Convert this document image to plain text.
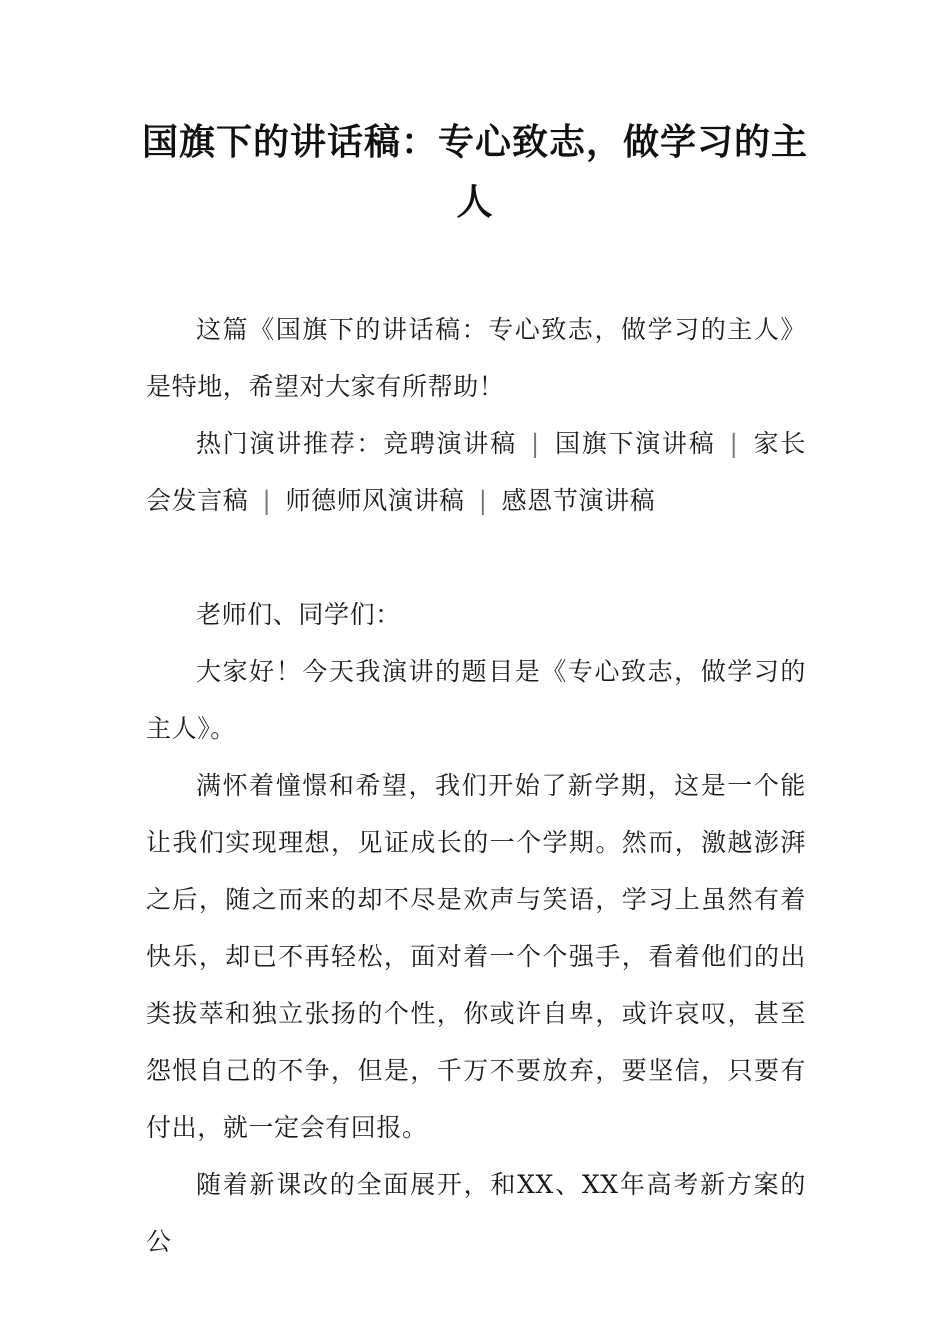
国旗下的讲话稿：专心致志，做学习的主人

这篇《国旗下的讲话稿：专心致志，做学习的主人》是特地，希望对大家有所帮助！

热门演讲推荐：竞聘演讲稿 | 国旗下演讲稿 | 家长会发言稿 | 师德师风演讲稿 | 感恩节演讲稿

老师们、同学们：

大家好！今天我演讲的题目是《专心致志，做学习的主人》。

满怀着憧憬和希望，我们开始了新学期，这是一个能让我们实现理想，见证成长的一个学期。然而，激越澎湃之后，随之而来的却不尽是欢声与笑语，学习上虽然有着快乐，却已不再轻松，面对着一个个强手，看着他们的出类拔萃和独立张扬的个性，你或许自卑，或许哀叹，甚至怨恨自己的不争，但是，千万不要放弃，要坚信，只要有付出，就一定会有回报。

随着新课改的全面展开，和XX、XX年高考新方案的公
